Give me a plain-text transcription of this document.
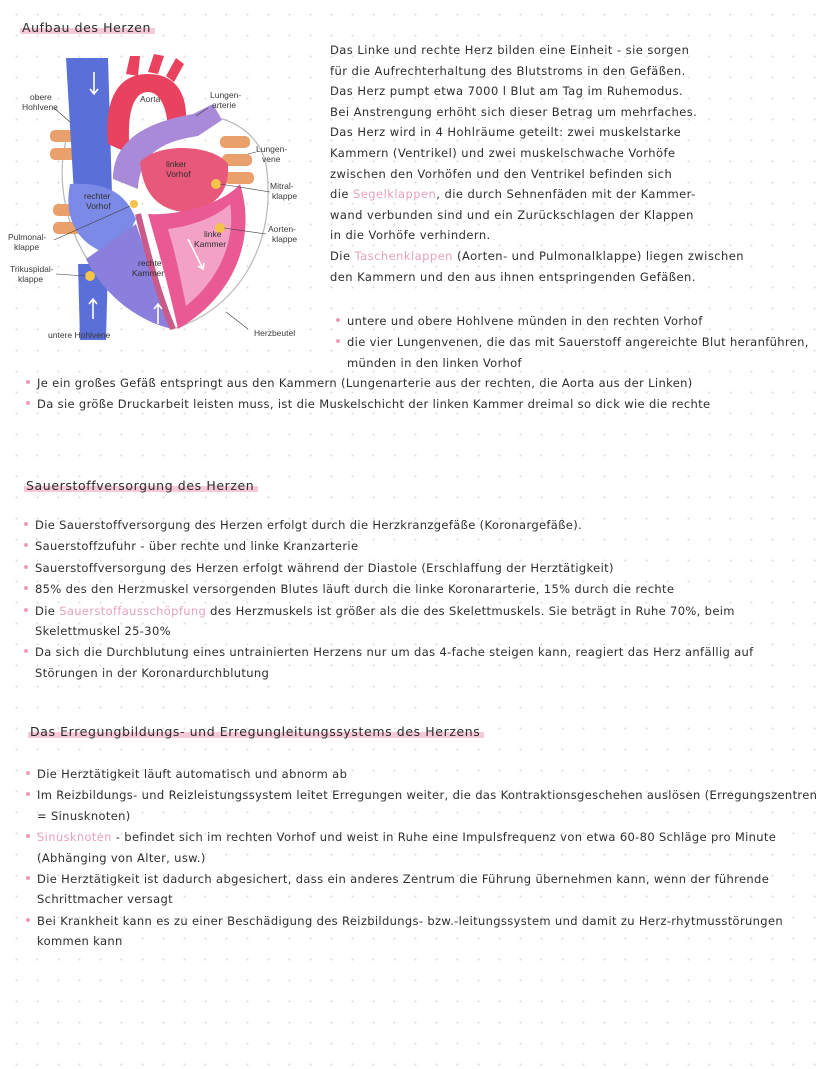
Aufbau des Herzen
obere
Hohlvene
Aorta	Lungen-
arterie
Lungen-
vene
linker
Vorhof
rechter
Vorhof
Mitral-
klappe
Aorten-
klappe
linke
Kammer
Pulmonal-
klappe
Trikuspidal-
klappe
rechte
Kammer
untere Hohlvene	Herzbeutel
Das Linke und rechte Herz bilden eine Einheit - sie sorgen
für die Aufrechterhaltung des Blutstroms in den Gefäßen.
Das Herz pumpt etwa 7000 l Blut am Tag im Ruhemodus.
Bei Anstrengung erhöht sich dieser Betrag um mehrfaches.
Das Herz wird in 4 Hohlräume geteilt: zwei muskelstarke
Kammern (Ventrikel) und zwei muskelschwache Vorhöfe
zwischen den Vorhöfen und den Ventrikel befinden sich
die Segelklappen, die durch Sehnenfäden mit der Kammer-
wand verbunden sind und ein Zurückschlagen der Klappen
in die Vorhöfe verhindern.
Die Taschenklappen (Aorten- und Pulmonalklappe) liegen zwischen
den Kammern und den aus ihnen entspringenden Gefäßen.
untere und obere Hohlvene münden in den rechten Vorhof
die vier Lungenvenen, die das mit Sauerstoff angereichte Blut heranführen, münden in den linken Vorhof
Je ein großes Gefäß entspringt aus den Kammern (Lungenarterie aus der rechten, die Aorta aus der Linken)
Da sie größe Druckarbeit leisten muss, ist die Muskelschicht der linken Kammer dreimal so dick wie die rechte
Sauerstoffversorgung des Herzen
Die Sauerstoffversorgung des Herzen erfolgt durch die Herzkranzgefäße (Koronargefäße).
Sauerstoffzufuhr - über rechte und linke Kranzarterie
Sauerstoffversorgung des Herzen erfolgt während der Diastole (Erschlaffung der Herztätigkeit)
85% des den Herzmuskel versorgenden Blutes läuft durch die linke Koronararterie, 15% durch die rechte
Die Sauerstoffausschöpfung des Herzmuskels ist größer als die des Skelettmuskels. Sie beträgt in Ruhe 70%, beim Skelettmuskel 25-30%
Da sich die Durchblutung eines untrainierten Herzens nur um das 4-fache steigen kann, reagiert das Herz anfällig auf Störungen in der Koronardurchblutung
Das Erregungbildungs- und Erregungleitungssystems des Herzens
Die Herztätigkeit läuft automatisch und abnorm ab
Im Reizbildungs- und Reizleistungssystem leitet Erregungen weiter, die das Kontraktionsgeschehen auslösen (Erregungszentren = Sinusknoten)
Sinusknoten - befindet sich im rechten Vorhof und weist in Ruhe eine Impulsfrequenz von etwa 60-80 Schläge pro Minute (Abhänging von Alter, usw.)
Die Herztätigkeit ist dadurch abgesichert, dass ein anderes Zentrum die Führung übernehmen kann, wenn der führende Schrittmacher versagt
Bei Krankheit kann es zu einer Beschädigung des Reizbildungs- bzw.-leitungssystem und damit zu Herz-rhytmusstörungen kommen kann
